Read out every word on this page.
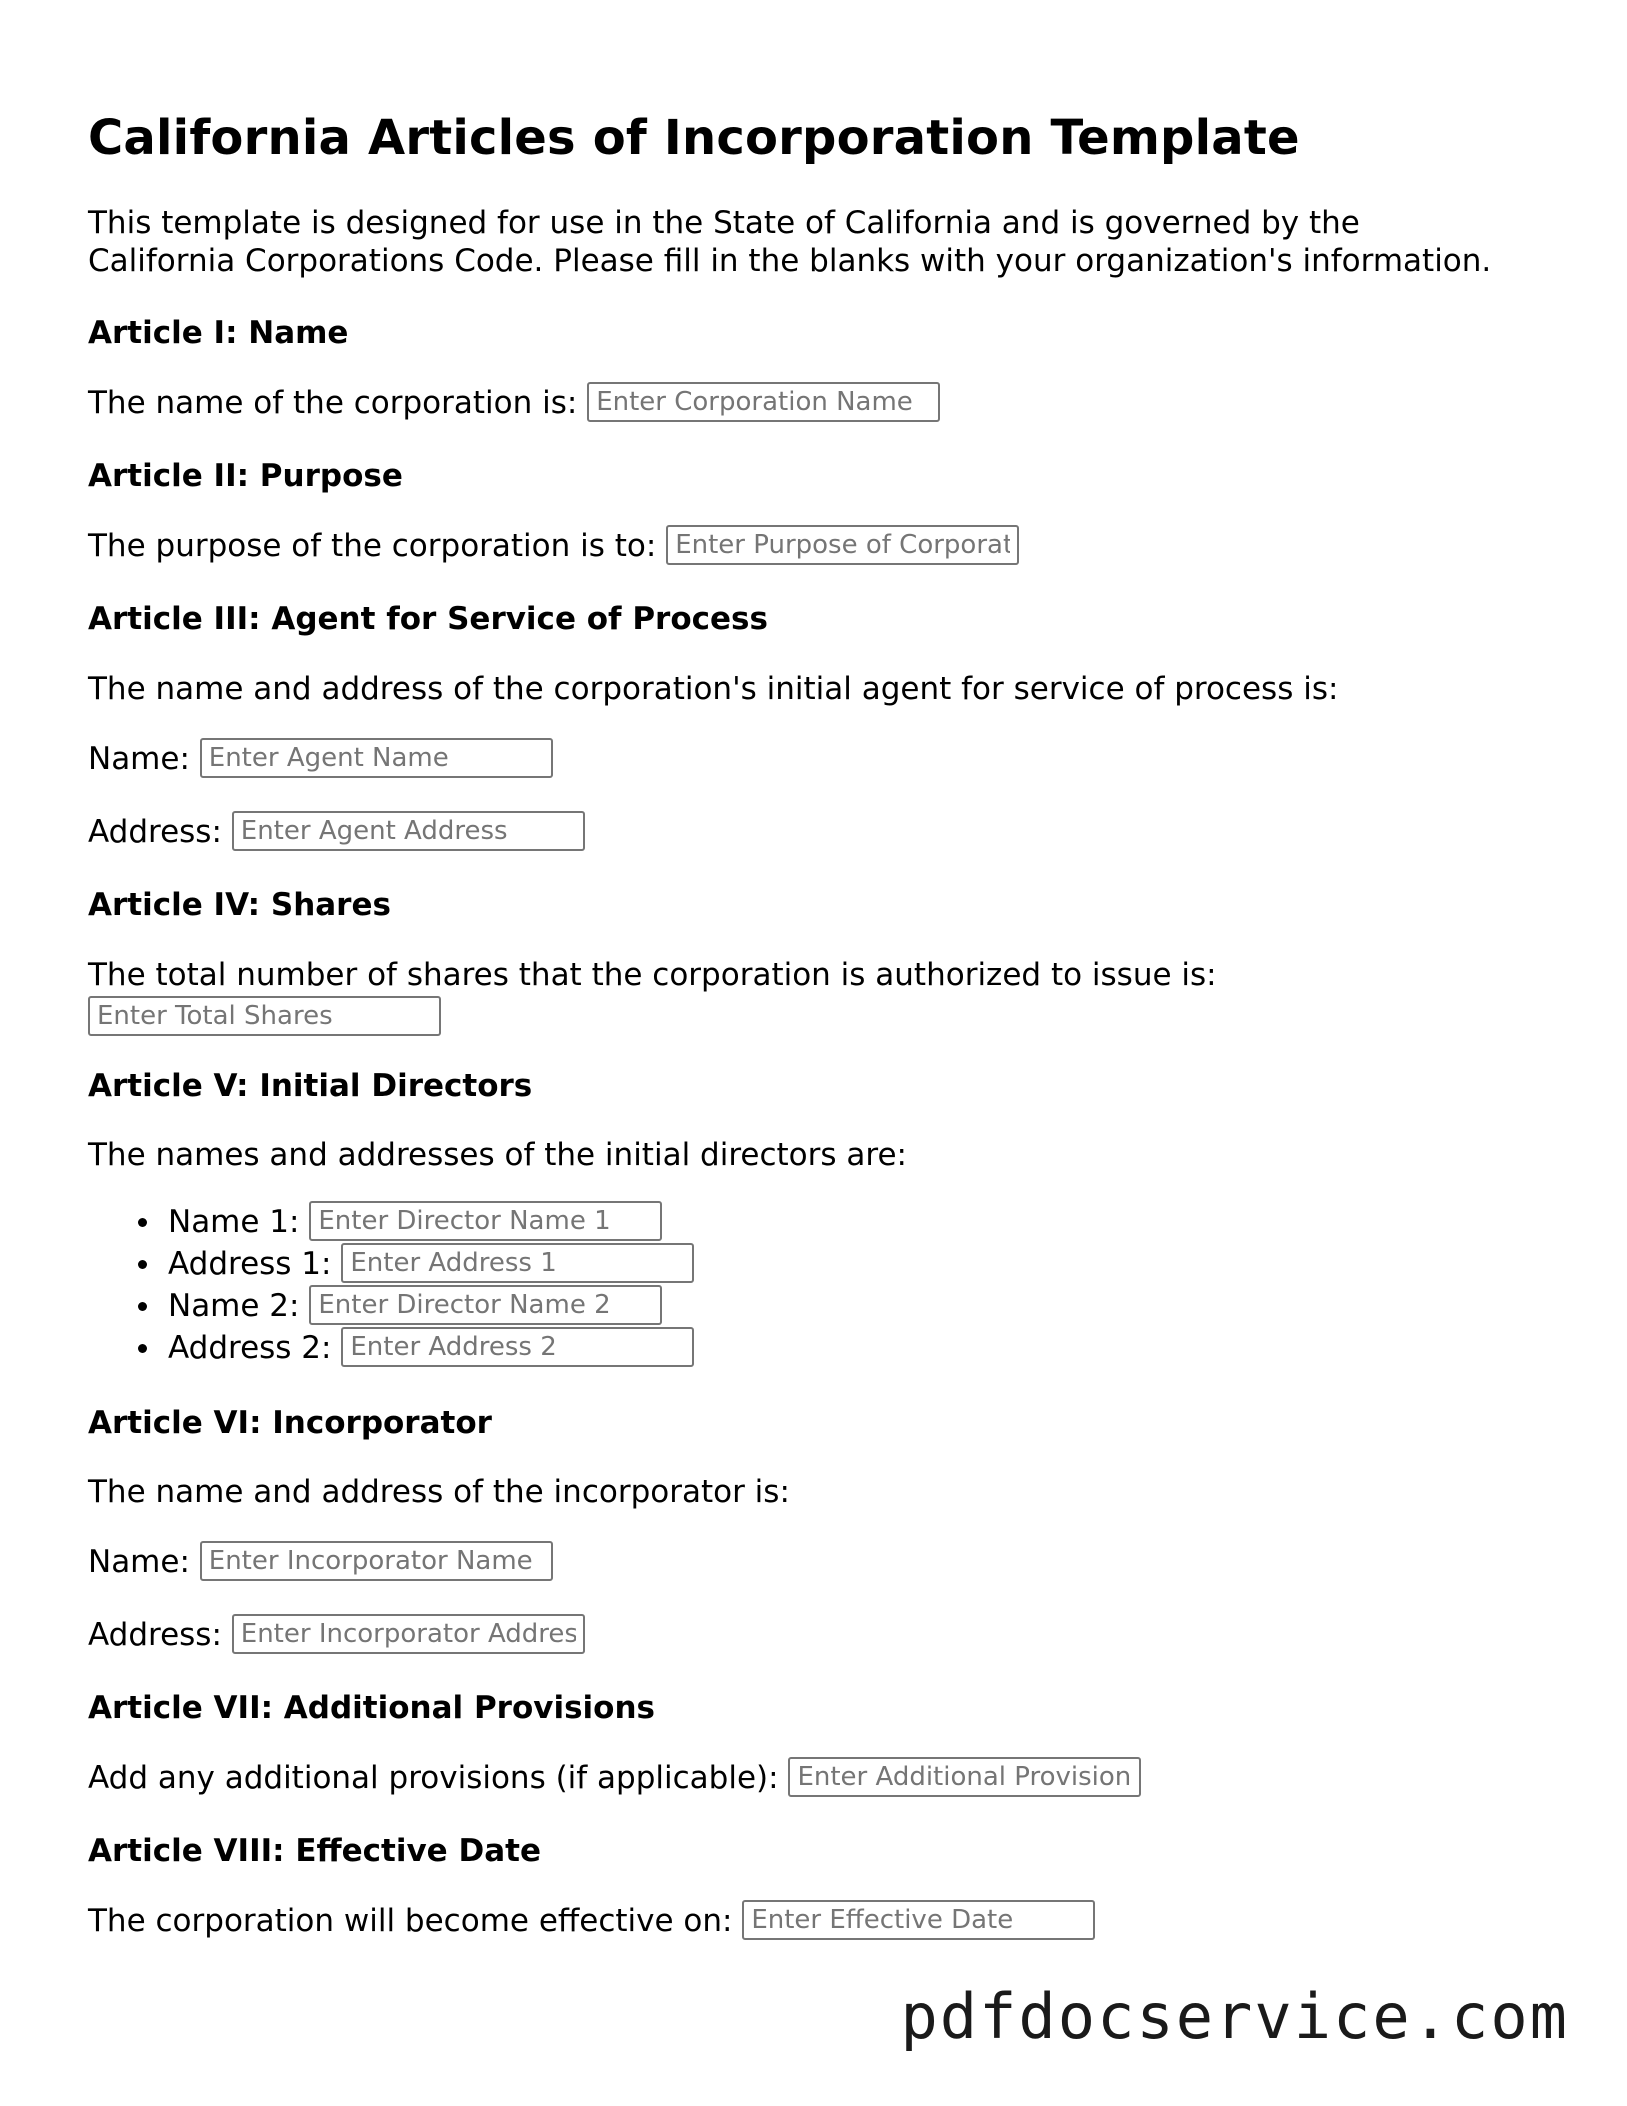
California Articles of Incorporation Template

This template is designed for use in the State of California and is governed by the
California Corporations Code. Please fill in the blanks with your organization's information.

Article I: Name
The name of the corporation is: Enter Corporation Name
Article II: Purpose
The purpose of the corporation is to: Enter Purpose of Corporation
Article III: Agent for Service of Process
The name and address of the corporation's initial agent for service of process is:
Name: Enter Agent Name
Address: Enter Agent Address
Article IV: Shares
The total number of shares that the corporation is authorized to issue is:
Enter Total Shares
Article V: Initial Directors
The names and addresses of the initial directors are:
Name 1: Enter Director Name 1
Address 1: Enter Address 1
Name 2: Enter Director Name 2
Address 2: Enter Address 2
Article VI: Incorporator
The name and address of the incorporator is:
Name: Enter Incorporator Name
Address: Enter Incorporator Address
Article VII: Additional Provisions
Add any additional provisions (if applicable): Enter Additional Provisions
Article VIII: Effective Date
The corporation will become effective on: Enter Effective Date
pdfdocservice.com
